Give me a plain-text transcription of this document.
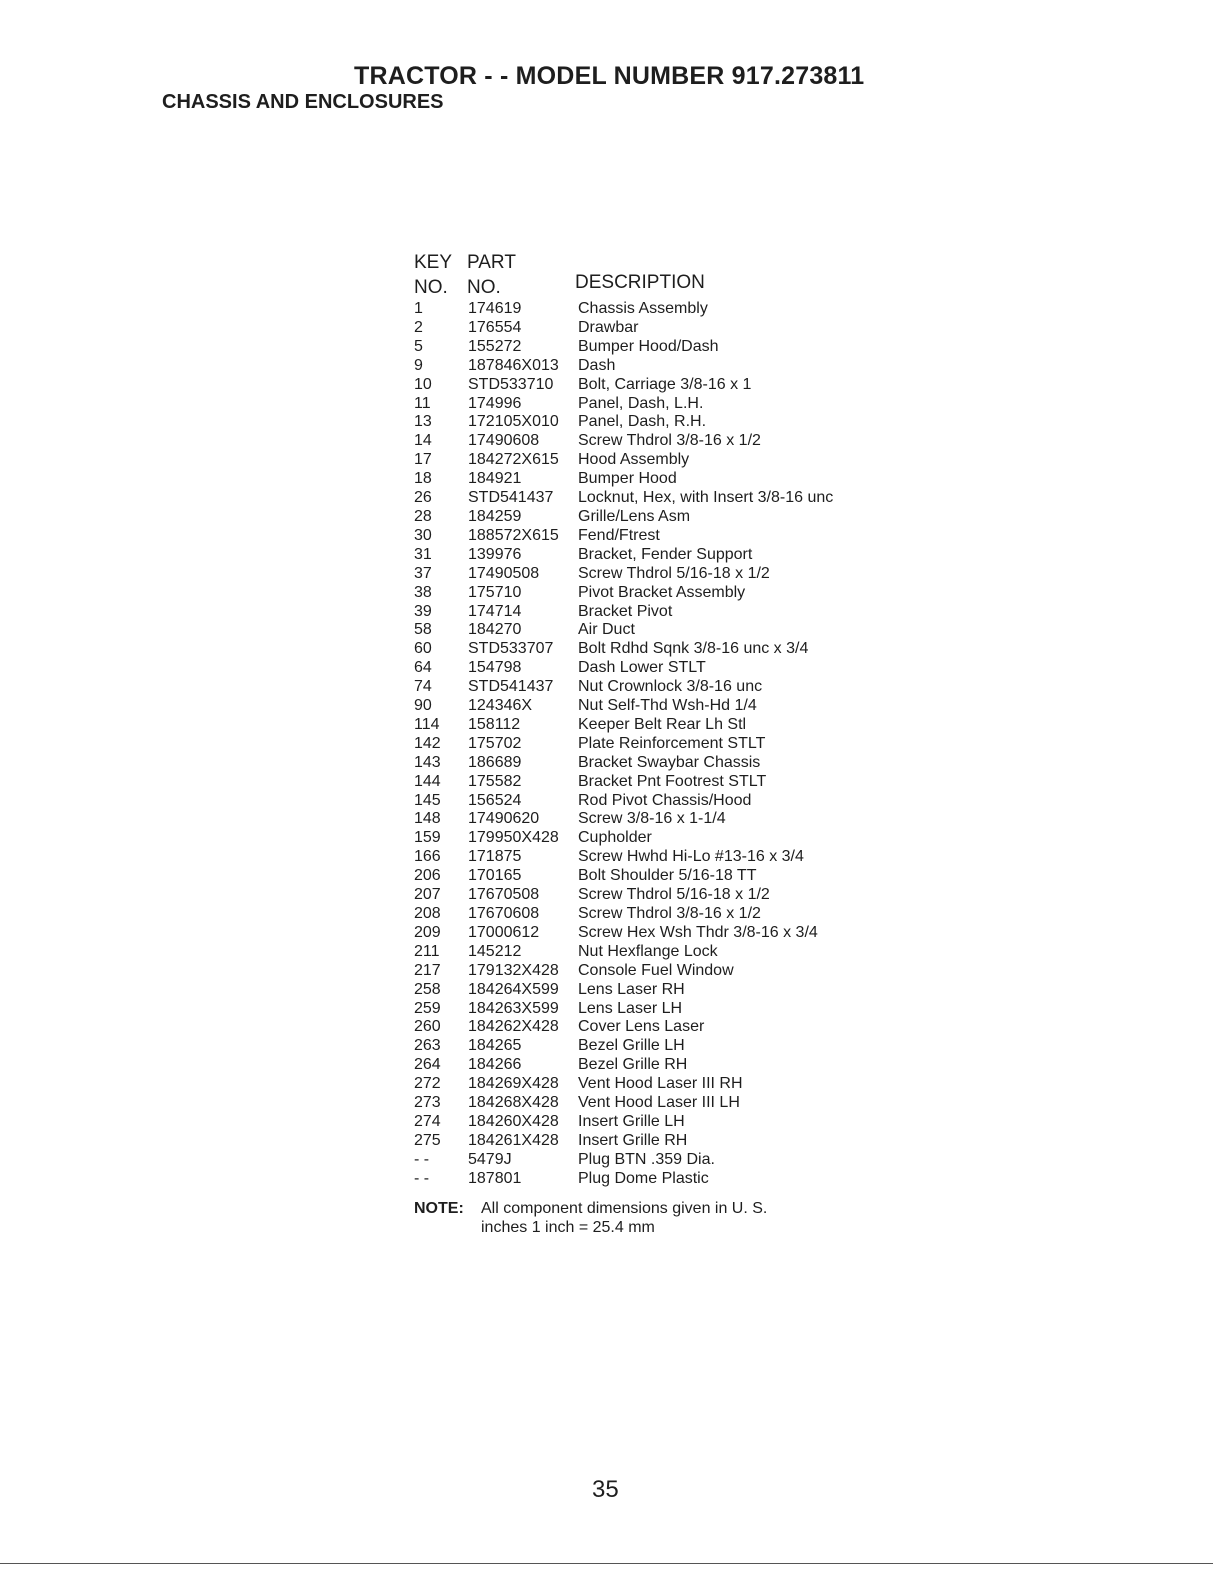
TRACTOR - - MODEL NUMBER 917.273811
CHASSIS AND ENCLOSURES
KEY PART
NO. NO.	DESCRIPTION
1	174619	Chassis Assembly
2	176554	Drawbar
5	155272	Bumper Hood/Dash
9	187846X013 Dash
10 STD533710 Bolt, Carriage 3/8-16 x 1
11 174996	Panel, Dash, L.H.
13 172105X010 Panel, Dash, R.H.
14 17490608 Screw Thdrol 3/8-16 x 1/2
17 184272X615 Hood Assembly
18 184921	Bumper Hood
26 STD541437 Locknut, Hex, with Insert 3/8-16 unc
28 184259	Grille/Lens Asm
30 188572X615 Fend/Ftrest
31 139976	Bracket, Fender Support
37 17490508 Screw Thdrol 5/16-18 x 1/2
38 175710	Pivot Bracket Assembly
39 174714	Bracket Pivot
58 184270	Air Duct
60 STD533707 Bolt Rdhd Sqnk 3/8-16 unc x 3/4
64 154798	Dash Lower STLT
74 STD541437 Nut Crownlock 3/8-16 unc
90 124346X	Nut Self-Thd Wsh-Hd 1/4
114 158112	Keeper Belt Rear Lh Stl
142 175702	Plate Reinforcement STLT
143 186689	Bracket Swaybar Chassis
144 175582	Bracket Pnt Footrest STLT
145 156524	Rod Pivot Chassis/Hood
148 17490620 Screw 3/8-16 x 1-1/4
159 179950X428 Cupholder
166 171875	Screw Hwhd Hi-Lo #13-16 x 3/4
206 170165	Bolt Shoulder 5/16-18 TT
207 17670508 Screw Thdrol 5/16-18 x 1/2
208 17670608 Screw Thdrol 3/8-16 x 1/2
209 17000612 Screw Hex Wsh Thdr 3/8-16 x 3/4
211 145212	Nut Hexflange Lock
217 179132X428 Console Fuel Window
258 184264X599 Lens Laser RH
259 184263X599 Lens Laser LH
260 184262X428 Cover Lens Laser
263 184265	Bezel Grille LH
264 184266	Bezel Grille RH
272 184269X428 Vent Hood Laser III RH
273 184268X428 Vent Hood Laser III LH
274 184260X428 Insert Grille LH
275 184261X428 Insert Grille RH
- - 5479J	Plug BTN .359 Dia.
- - 187801	Plug Dome Plastic
NOTE: All component dimensions given in U. S.
inches 1 inch = 25.4 mm
35
